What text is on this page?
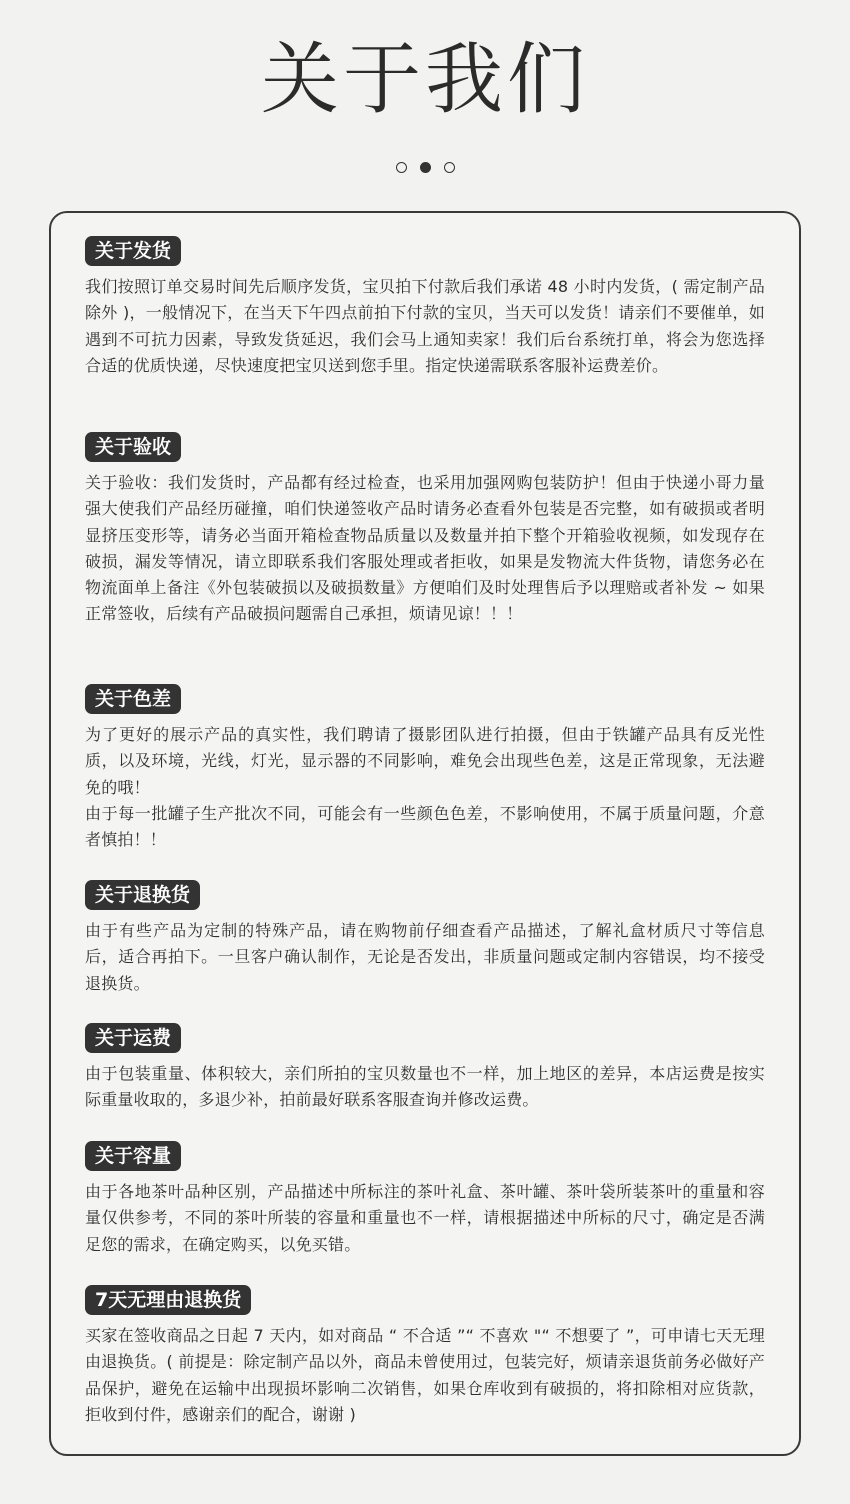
关于我们
关于发货

我们按照订单交易时间先后顺序发货，宝贝拍下付款后我们承诺 48 小时内发货，( 需定制产品除外 )，一般情况下，在当天下午四点前拍下付款的宝贝，当天可以发货！请亲们不要催单，如遇到不可抗力因素，导致发货延迟，我们会马上通知卖家！我们后台系统打单，将会为您选择合适的优质快递，尽快速度把宝贝送到您手里。指定快递需联系客服补运费差价。

关于验收

关于验收：我们发货时，产品都有经过检查，也采用加强网购包装防护！但由于快递小哥力量强大使我们产品经历碰撞，咱们快递签收产品时请务必查看外包装是否完整，如有破损或者明显挤压变形等，请务必当面开箱检查物品质量以及数量并拍下整个开箱验收视频，如发现存在破损，漏发等情况，请立即联系我们客服处理或者拒收，如果是发物流大件货物，请您务必在物流面单上备注《外包装破损以及破损数量》方便咱们及时处理售后予以理赔或者补发 ~ 如果正常签收，后续有产品破损问题需自己承担，烦请见谅！！！

关于色差

为了更好的展示产品的真实性，我们聘请了摄影团队进行拍摄，但由于铁罐产品具有反光性质，以及环境，光线，灯光，显示器的不同影响，难免会出现些色差，这是正常现象，无法避免的哦！

由于每一批罐子生产批次不同，可能会有一些颜色色差，不影响使用，不属于质量问题，介意者慎拍！！

关于退换货

由于有些产品为定制的特殊产品，请在购物前仔细查看产品描述，了解礼盒材质尺寸等信息后，适合再拍下。一旦客户确认制作，无论是否发出，非质量问题或定制内容错误，均不接受退换货。

关于运费

由于包装重量、体积较大，亲们所拍的宝贝数量也不一样，加上地区的差异，本店运费是按实际重量收取的，多退少补，拍前最好联系客服查询并修改运费。

关于容量

由于各地茶叶品种区别，产品描述中所标注的茶叶礼盒、茶叶罐、茶叶袋所装茶叶的重量和容量仅供参考，不同的茶叶所装的容量和重量也不一样，请根据描述中所标的尺寸，确定是否满足您的需求，在确定购买，以免买错。

7天无理由退换货

买家在签收商品之日起 7 天内，如对商品 “ 不合适 ”“ 不喜欢 "“ 不想要了 ”，可申请七天无理由退换货。( 前提是：除定制产品以外，商品未曾使用过，包装完好，烦请亲退货前务必做好产品保护，避免在运输中出现损坏影响二次销售，如果仓库收到有破损的，将扣除相对应货款，拒收到付件，感谢亲们的配合，谢谢 )
